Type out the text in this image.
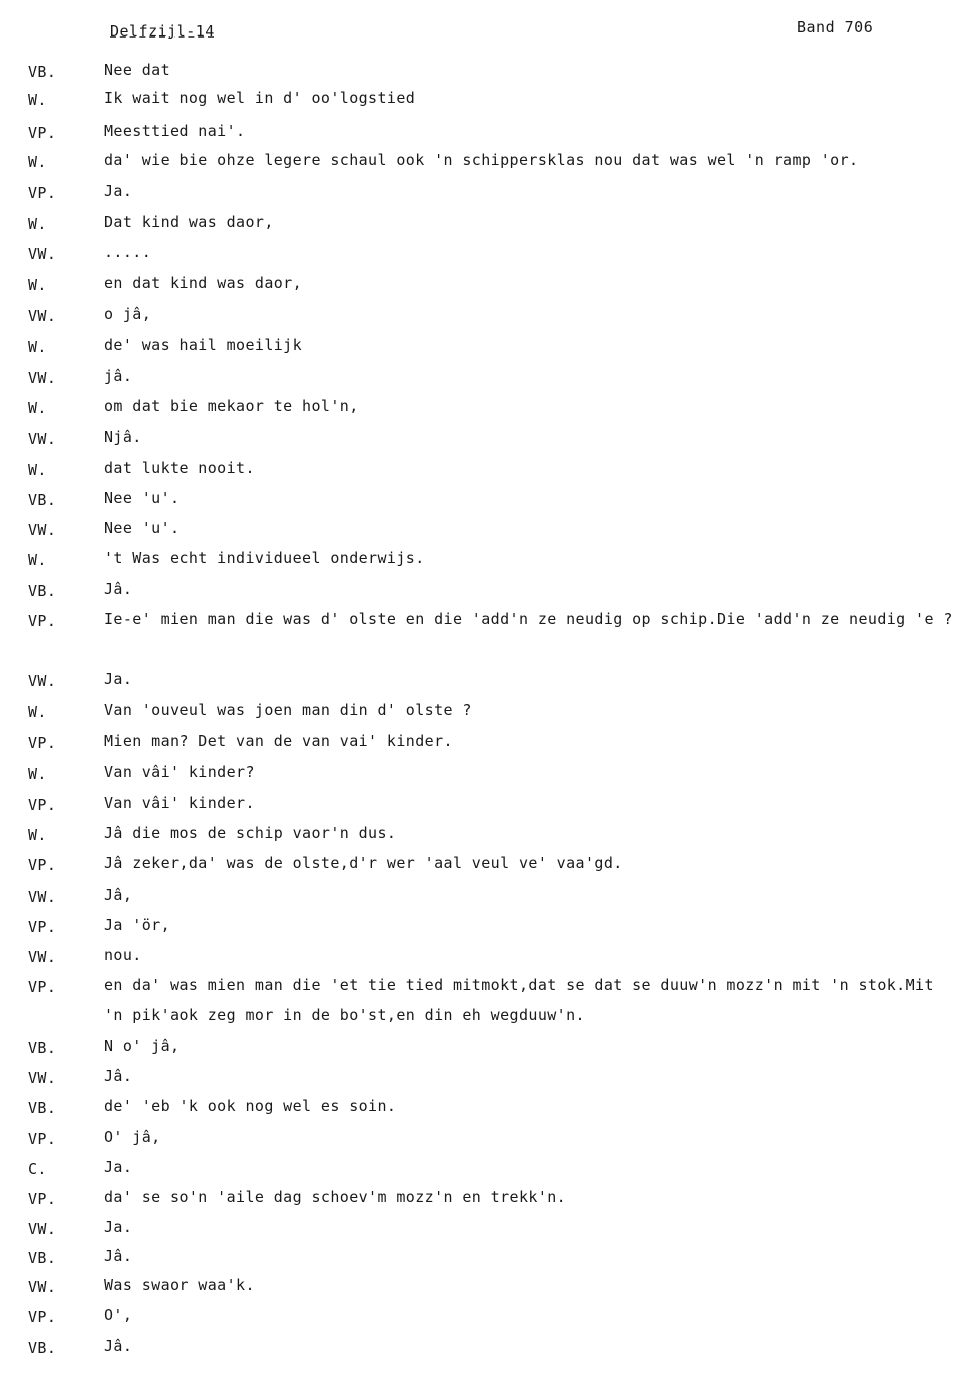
Delfzijl-14	Band 706
VB.	Nee dat
W.	Ik wait nog wel in d' oo'logstied
VP.	Meesttied nai'.
W.	da' wie bie ohze legere schaul ook 'n schippersklas nou dat was wel 'n ramp 'or.
VP.	Ja.
W.	Dat kind was daor,
VW.	.....
W.	en dat kind was daor,
VW.	o jâ,
W.	de' was hail moeilijk
VW.	jâ.
W.	om dat bie mekaor te hol'n,
VW.	Njâ.
W.	dat lukte nooit.
VB.	Nee 'u'.
VW.	Nee 'u'.
W.	't Was echt individueel onderwijs.
VB.	Jâ.
VP.	Ie-e' mien man die was d' olste en die 'add'n ze neudig op schip.Die 'add'n ze neudig 'e ?
VW.	Ja.
W.	Van 'ouveul was joen man din d' olste ?
VP.	Mien man? Det van de van vai' kinder.
W.	Van vâi' kinder?
VP.	Van vâi' kinder.
W.	Jâ die mos de schip vaor'n dus.
VP.	Jâ zeker,da' was de olste,d'r wer 'aal veul ve' vaa'gd.
VW.	Jâ,
VP.	Ja 'ör,
VW.	nou.
VP.	en da' was mien man die 'et tie tied mitmokt,dat se dat se duuw'n mozz'n mit 'n stok.Mit 'n pik'aok zeg mor in de bo'st,en din eh wegduuw'n.
VB.	N o' jâ,
VW.	Jâ.
VB.	de' 'eb 'k ook nog wel es soin.
VP.	O' jâ,
C.	Ja.
VP.	da' se so'n 'aile dag schoev'm mozz'n en trekk'n.
VW.	Ja.
VB.	Jâ.
VW.	Was swaor waa'k.
VP.	O',
VB.	Jâ.
